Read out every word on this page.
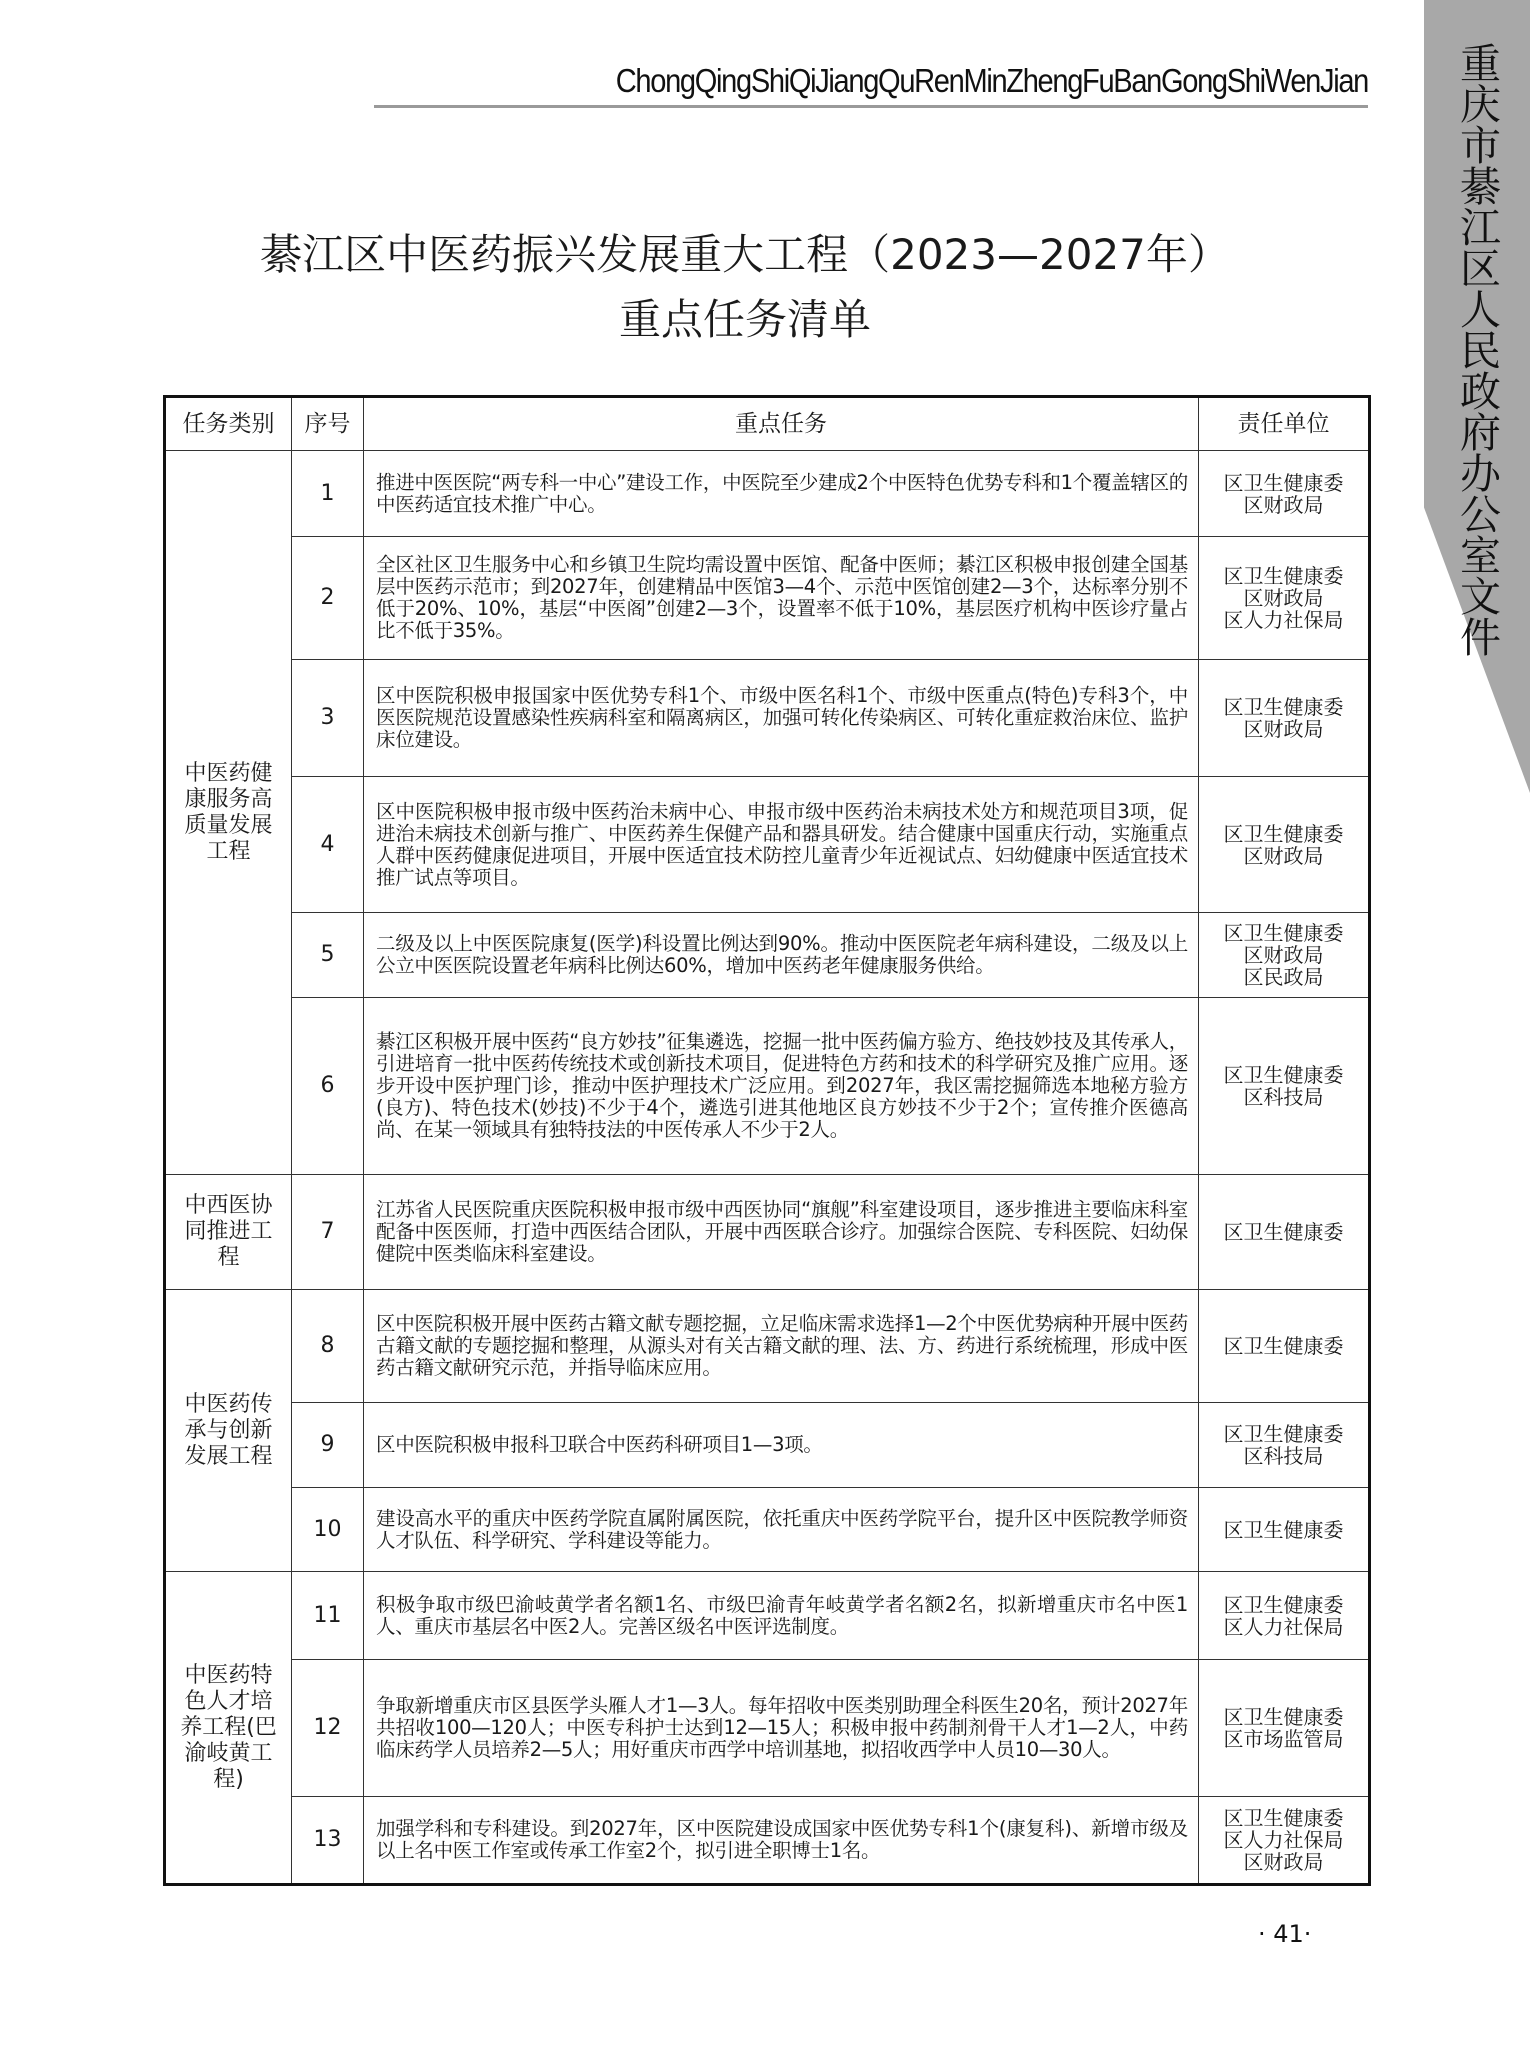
重庆市綦江区人民政府办公室文件
ChongQingShiQiJiangQuRenMinZhengFuBanGongShiWenJian
綦江区中医药振兴发展重大工程（2023—2027年）
重点任务清单
任务类别	序号	重点任务	责任单位
中医药健康服务高质量发展工程	1	推进中医医院“两专科一中心”建设工作，中医院至少建成2个中医特色优势专科和1个覆盖辖区的中医药适宜技术推广中心。	区卫生健康委
区财政局

	2	全区社区卫生服务中心和乡镇卫生院均需设置中医馆、配备中医师；綦江区积极申报创建全国基层中医药示范市；到2027年，创建精品中医馆3—4个、示范中医馆创建2—3个，达标率分别不低于20%、10%，基层“中医阁”创建2—3个，设置率不低于10%，基层医疗机构中医诊疗量占比不低于35%。	区卫生健康委
区财政局
区人力社保局

	3	区中医院积极申报国家中医优势专科1个、市级中医名科1个、市级中医重点(特色)专科3个，中医医院规范设置感染性疾病科室和隔离病区，加强可转化传染病区、可转化重症救治床位、监护床位建设。	区卫生健康委
区财政局

	4	区中医院积极申报市级中医药治未病中心、申报市级中医药治未病技术处方和规范项目3项，促进治未病技术创新与推广、中医药养生保健产品和器具研发。结合健康中国重庆行动，实施重点人群中医药健康促进项目，开展中医适宜技术防控儿童青少年近视试点、妇幼健康中医适宜技术推广试点等项目。	区卫生健康委
区财政局

	5	二级及以上中医医院康复(医学)科设置比例达到90%。推动中医医院老年病科建设，二级及以上公立中医医院设置老年病科比例达60%，增加中医药老年健康服务供给。	区卫生健康委
区财政局
区民政局

	6	綦江区积极开展中医药“良方妙技”征集遴选，挖掘一批中医药偏方验方、绝技妙技及其传承人，引进培育一批中医药传统技术或创新技术项目，促进特色方药和技术的科学研究及推广应用。逐步开设中医护理门诊，推动中医护理技术广泛应用。到2027年，我区需挖掘筛选本地秘方验方(良方)、特色技术(妙技)不少于4个，遴选引进其他地区良方妙技不少于2个；宣传推介医德高尚、在某一领域具有独特技法的中医传承人不少于2人。	区卫生健康委
区科技局

中西医协同推进工程	7	江苏省人民医院重庆医院积极申报市级中西医协同“旗舰”科室建设项目，逐步推进主要临床科室配备中医医师，打造中西医结合团队，开展中西医联合诊疗。加强综合医院、专科医院、妇幼保健院中医类临床科室建设。	区卫生健康委

中医药传承与创新发展工程	8	区中医院积极开展中医药古籍文献专题挖掘，立足临床需求选择1—2个中医优势病种开展中医药古籍文献的专题挖掘和整理，从源头对有关古籍文献的理、法、方、药进行系统梳理，形成中医药古籍文献研究示范，并指导临床应用。	区卫生健康委

	9	区中医院积极申报科卫联合中医药科研项目1—3项。	区卫生健康委
区科技局

	10	建设高水平的重庆中医药学院直属附属医院，依托重庆中医药学院平台，提升区中医院教学师资人才队伍、科学研究、学科建设等能力。	区卫生健康委

中医药特色人才培养工程(巴渝岐黄工程)	11	积极争取市级巴渝岐黄学者名额1名、市级巴渝青年岐黄学者名额2名，拟新增重庆市名中医1人、重庆市基层名中医2人。完善区级名中医评选制度。	区卫生健康委
区人力社保局

	12	争取新增重庆市区县医学头雁人才1—3人。每年招收中医类别助理全科医生20名，预计2027年共招收100—120人；中医专科护士达到12—15人；积极申报中药制剂骨干人才1—2人，中药临床药学人员培养2—5人；用好重庆市西学中培训基地，拟招收西学中人员10—30人。	区卫生健康委
区市场监管局

	13	加强学科和专科建设。到2027年，区中医院建设成国家中医优势专科1个(康复科)、新增市级及以上名中医工作室或传承工作室2个，拟引进全职博士1名。	区卫生健康委
区人力社保局
区财政局
· 41·
